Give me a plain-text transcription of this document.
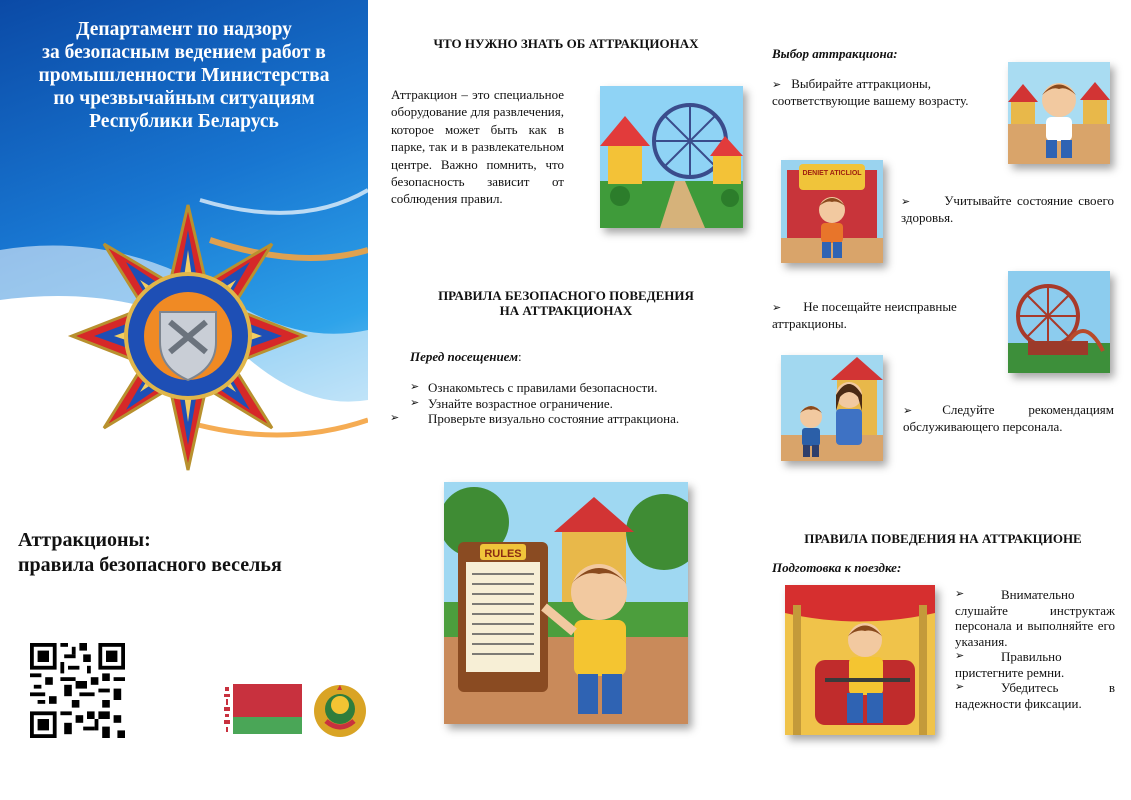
Департамент по надзору
за безопасным ведением работ в
промышленности Министерства
по чрезвычайным ситуациям
Республики Беларусь
Аттракционы:
правила безопасного веселья
ЧТО НУЖНО ЗНАТЬ ОБ АТТРАКЦИОНАХ
Аттракцион – это специальное оборудование для развлечения, которое может быть как в парке, так и в развлекательном центре. Важно помнить, что безопасность зависит от соблюдения правил.
ПРАВИЛА БЕЗОПАСНОГО ПОВЕДЕНИЯ
НА АТТРАКЦИОНАХ
Перед посещением:
➢ Ознакомьтесь с правилами безопасности.
➢ Узнайте возрастное ограничение.
➢ Проверьте визуально состояние аттракциона.
RULES
Выбор аттракциона:
➢ Выбирайте аттракционы, соответствующие вашему возрасту.
DENIET ATICLIOL
➢	Учитывайте состояние своего здоровья.
➢ Не посещайте неисправные аттракционы.
➢ Следуйте рекомендациям обслуживающего персонала.
ПРАВИЛА ПОВЕДЕНИЯ НА АТТРАКЦИОНЕ
Подготовка к поездке:
➢ Внимательно слушайте инструктаж персонала и выполняйте его указания.
➢ Правильно пристегните ремни.
➢ Убедитесь в надежности фиксации.
